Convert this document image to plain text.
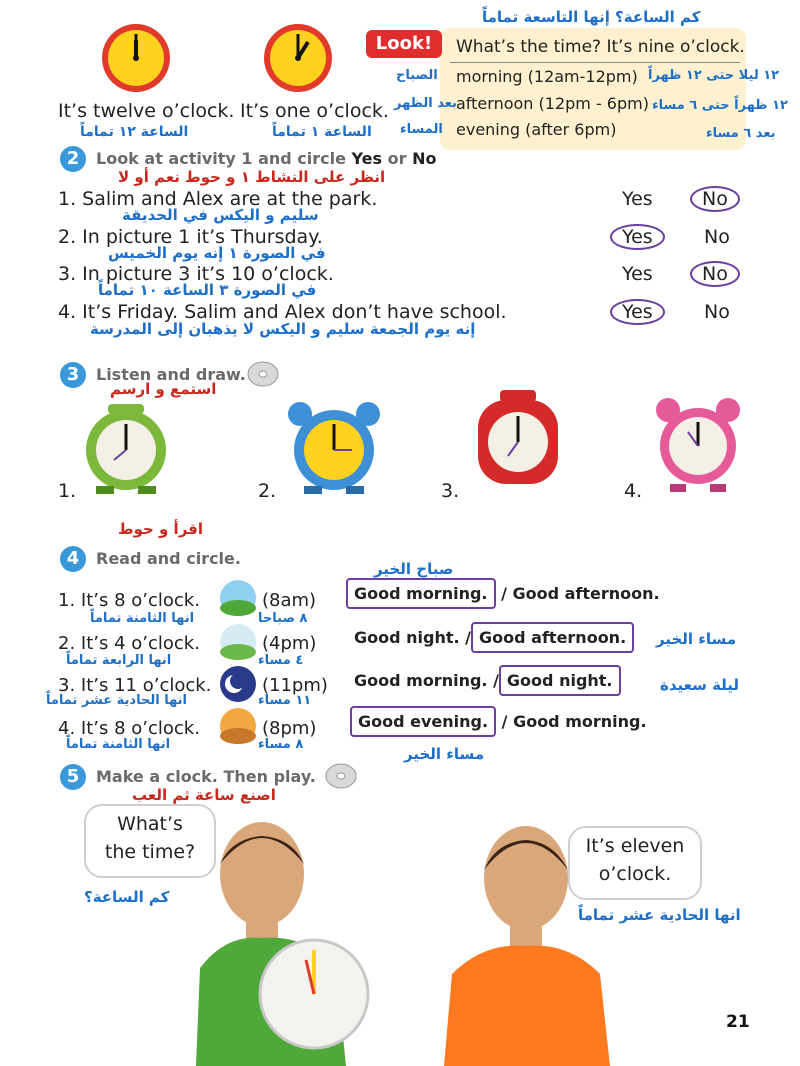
It’s twelve o’clock. It’s one o’clock.
الساعة ١٢ تماماً	الساعة ١ تماماً
Look!
كم الساعة؟ إنها التاسعة تماماً
What’s the time? It’s nine o’clock.
الصباح morning (12am-12pm) ١٢ ليلا حتى ١٢ ظهراً
بعد الظهر afternoon (12pm - 6pm) ١٢ ظهراً حتى ٦ مساء
المساء evening (after 6pm)	بعد ٦ مساء
2	Look at activity 1 and circle Yes or No
انظر على النشاط ١ و حوط نعم أو لا
1. Salim and Alex are at the park.
سليم و اليكس في الحديقة
Yes	No
2. In picture 1 it’s Thursday.
في الصورة ١ إنه يوم الخميس
Yes	No
3. In picture 3 it’s 10 o’clock.
في الصورة ٣ الساعة ١٠ تماماً
Yes	No
4. It’s Friday. Salim and Alex don’t have school.
إنه يوم الجمعة سليم و اليكس لا يذهبان إلى المدرسة
Yes	No
3	Listen and draw.
استمع و ارسم
1.	2.	3.	4.
اقرأ و حوط
4	Read and circle.
صباح الخير
1. It’s 8 o’clock.	(8am)
انها الثامنة تماماً	٨ صباحا
Good morning. / Good afternoon.
2. It’s 4 o’clock.	(4pm)
انها الرابعة تماماً	٤ مساء
Good night. / Good afternoon.	مساء الخير
3. It’s 11 o’clock.	(11pm)
انها الحادية عشر تماماً	١١ مساء
Good morning. / Good night.	ليلة سعيدة
4. It’s 8 o’clock.	(8pm)
انها الثامنة تماماً	٨ مساء
Good evening. / Good morning.
مساء الخير
5	Make a clock. Then play.
اصنع ساعة ثم العب
What’s
the time?
كم الساعة؟
It’s eleven
o’clock.
انها الحادية عشر تماماً
21
